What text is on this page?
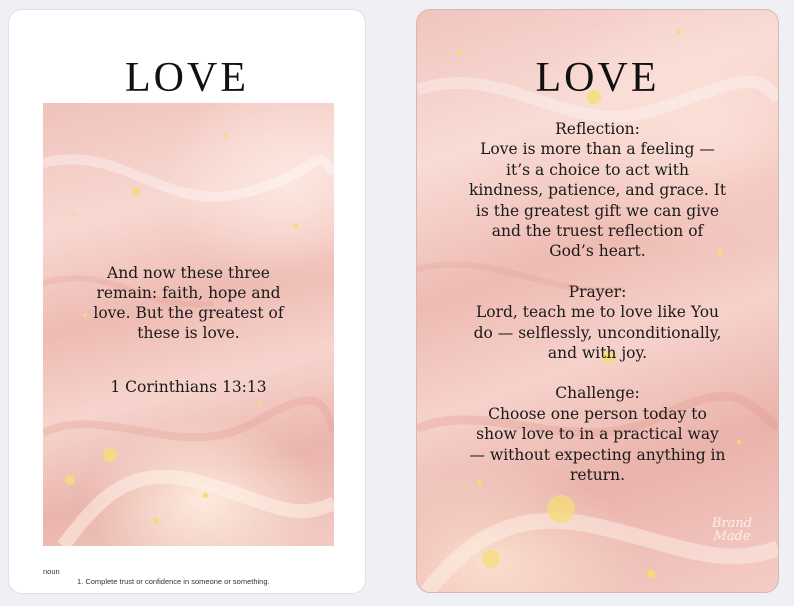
LOVE
And now these three remain: faith, hope and love. But the greatest of these is love.
1 Corinthians 13:13
noun
1. Complete trust or confidence in someone or something.
LOVE
Reflection:
Love is more than a feeling — it’s a choice to act with kindness, patience, and grace. It is the greatest gift we can give and the truest reflection of God’s heart.
Prayer:
Lord, teach me to love like You do — selflessly, unconditionally, and with joy.
Challenge:
Choose one person today to show love to in a practical way — without expecting anything in return.
Brand Made
